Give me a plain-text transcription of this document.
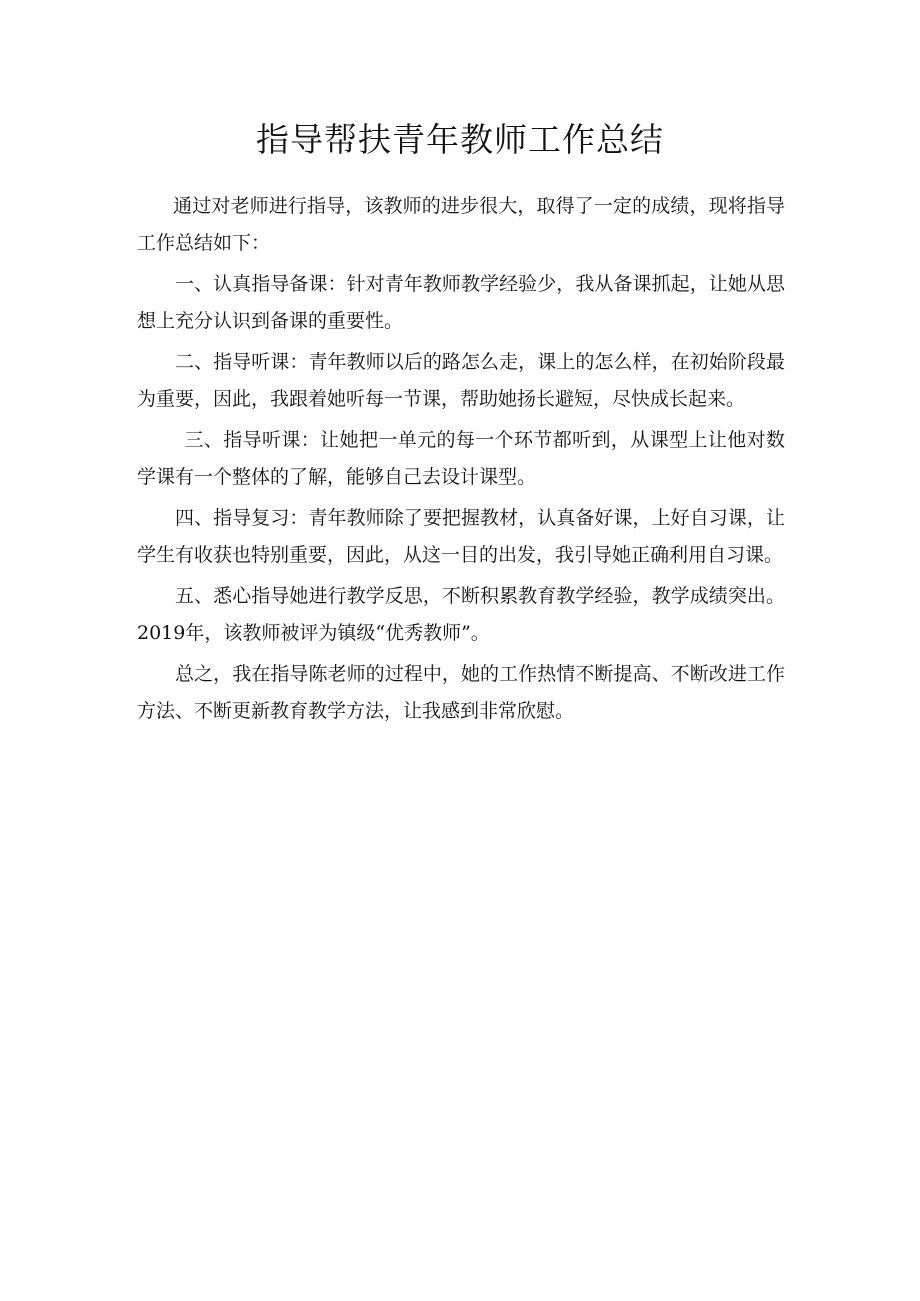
指导帮扶青年教师工作总结

通过对老师进行指导，该教师的进步很大，取得了一定的成绩，现将指导工作总结如下：

一、认真指导备课：针对青年教师教学经验少，我从备课抓起，让她从思想上充分认识到备课的重要性。

二、指导听课：青年教师以后的路怎么走，课上的怎么样，在初始阶段最为重要，因此，我跟着她听每一节课，帮助她扬长避短，尽快成长起来。

三、指导听课：让她把一单元的每一个环节都听到，从课型上让他对数学课有一个整体的了解，能够自己去设计课型。

四、指导复习：青年教师除了要把握教材，认真备好课，上好自习课，让学生有收获也特别重要，因此，从这一目的出发，我引导她正确利用自习课。

五、悉心指导她进行教学反思，不断积累教育教学经验，教学成绩突出。2019年，该教师被评为镇级“优秀教师”。

总之，我在指导陈老师的过程中，她的工作热情不断提高、不断改进工作方法、不断更新教育教学方法，让我感到非常欣慰。
